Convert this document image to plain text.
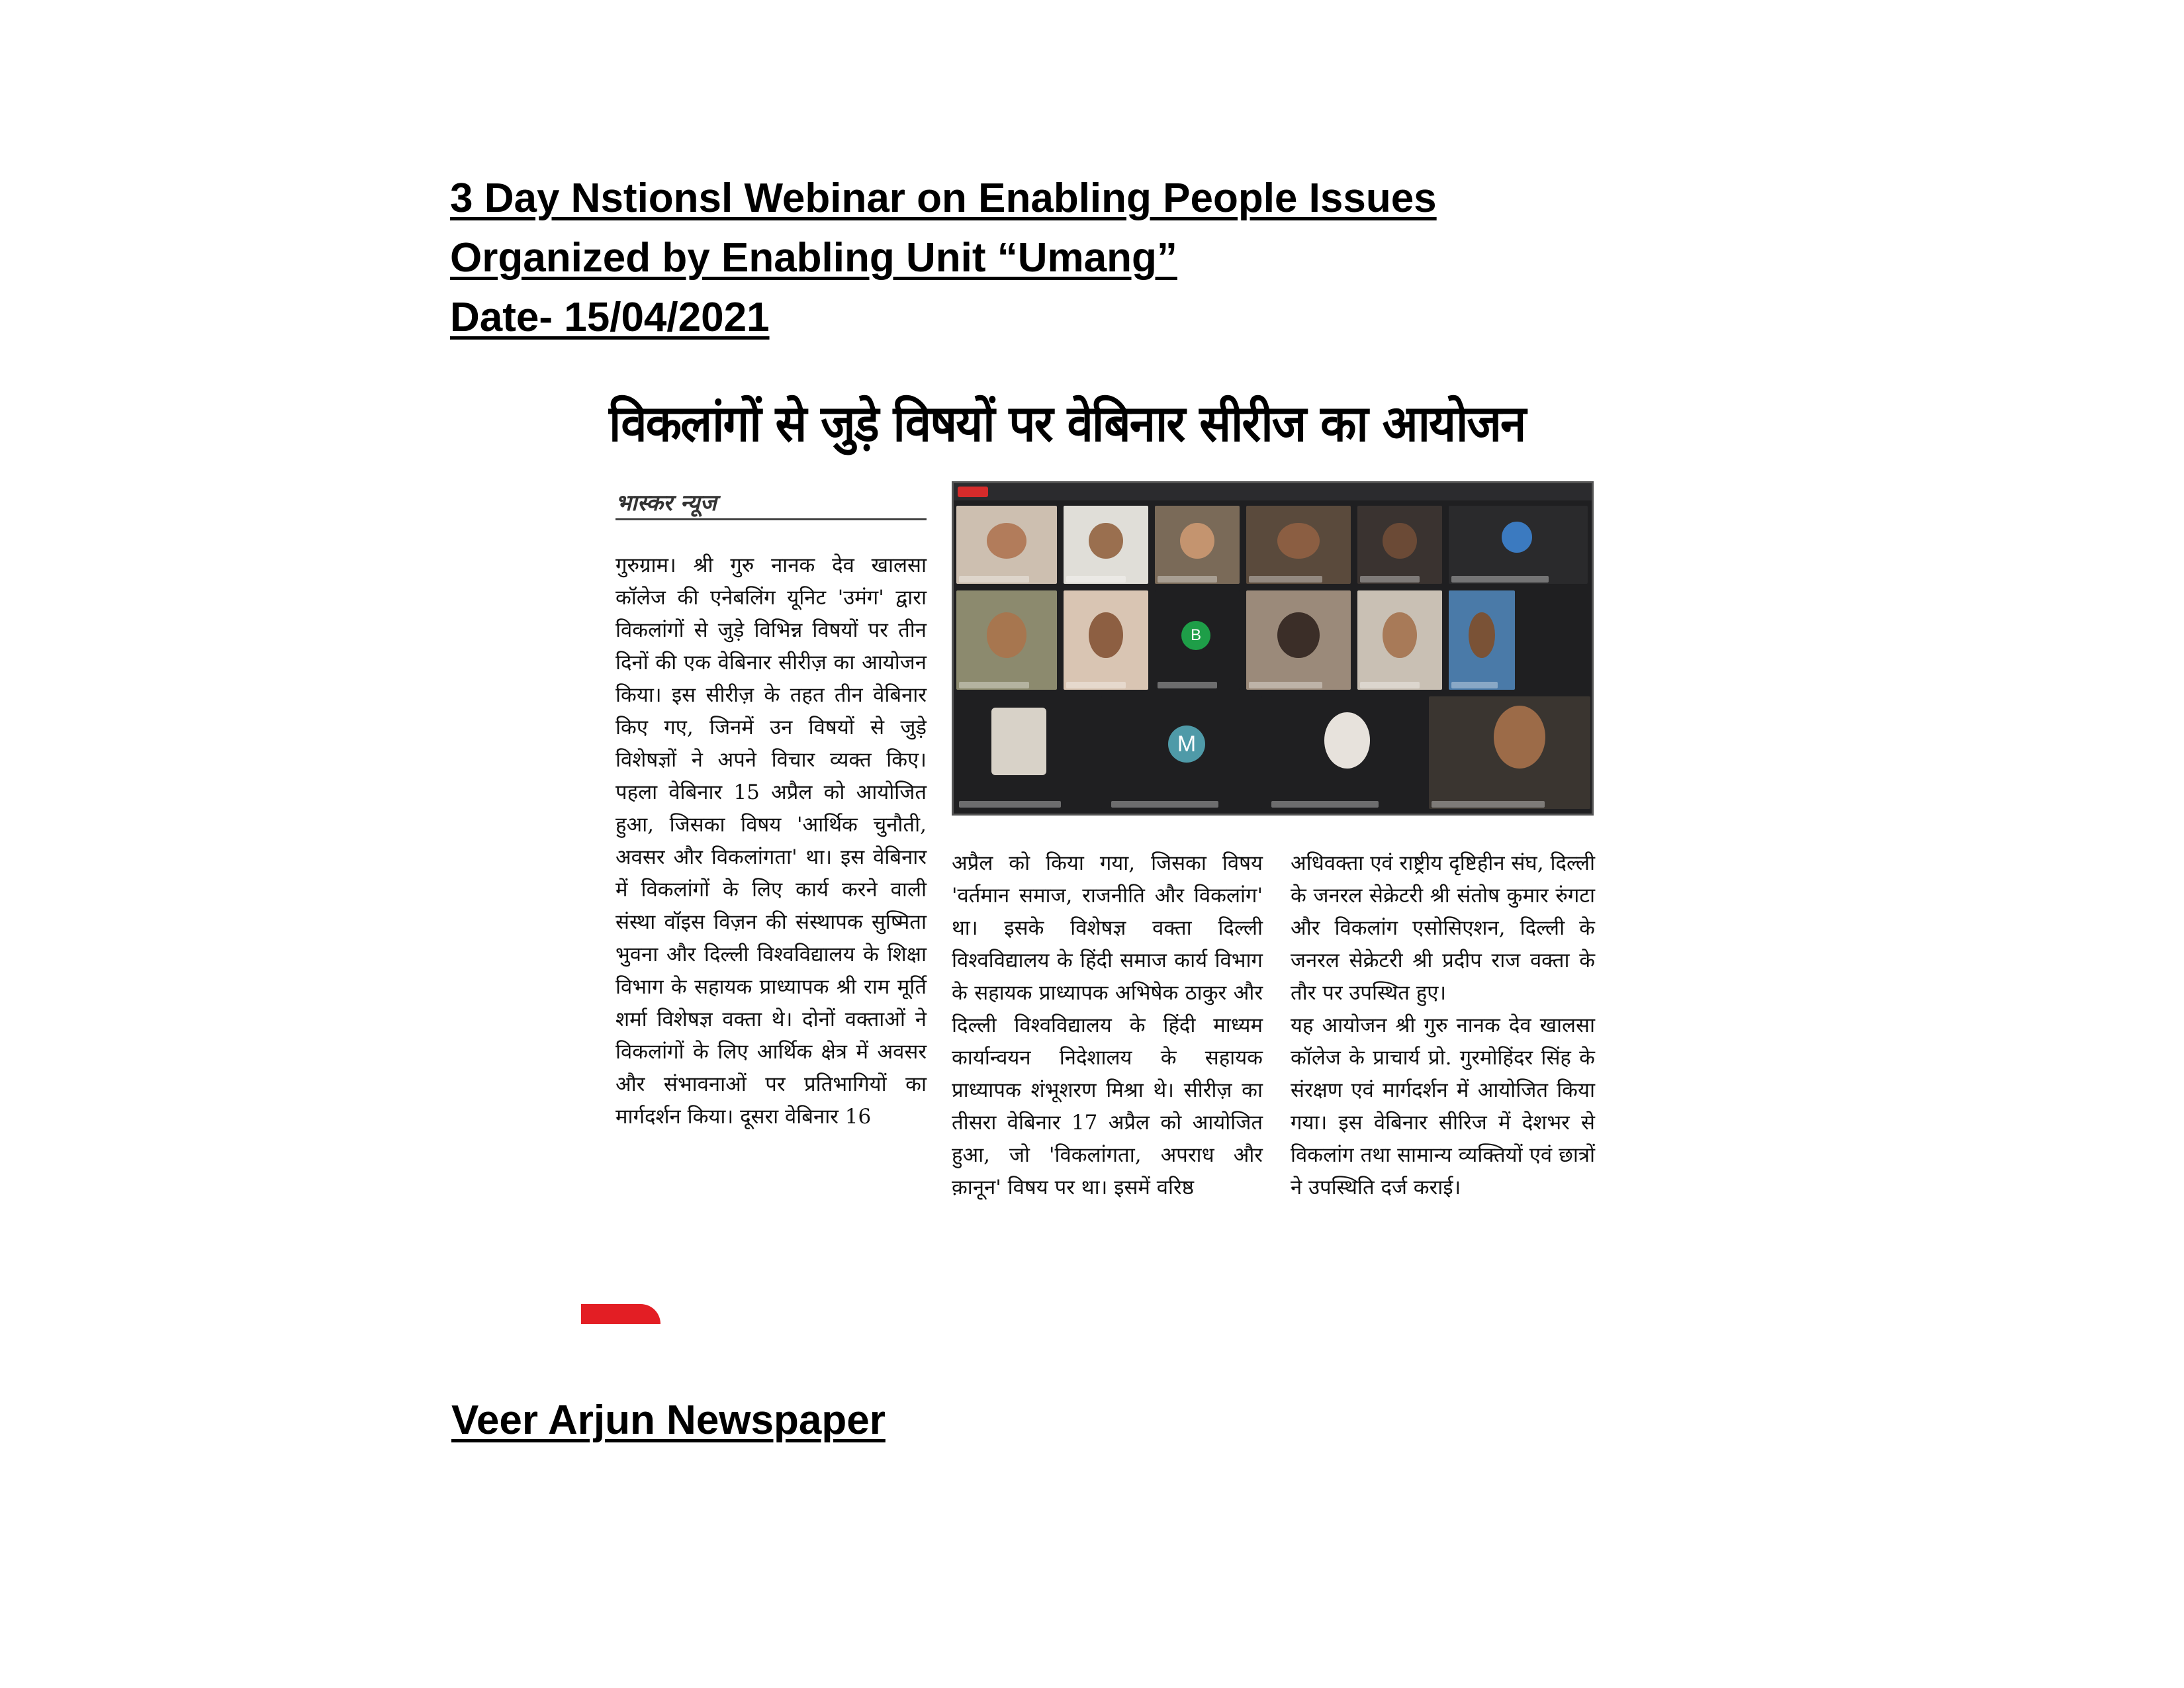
3 Day Nstionsl Webinar on Enabling People Issues
Organized by Enabling Unit “Umang”
Date- 15/04/2021
विकलांगों से जुड़े विषयों पर वेबिनार सीरीज का आयोजन
भास्कर न्यूज
गुरुग्राम। श्री गुरु नानक देव खालसा कॉलेज की एनेबलिंग यूनिट 'उमंग' द्वारा विकलांगों से जुड़े विभिन्न विषयों पर तीन दिनों की एक वेबिनार सीरीज़ का आयोजन किया। इस सीरीज़ के तहत तीन वेबिनार किए गए, जिनमें उन विषयों से जुड़े विशेषज्ञों ने अपने विचार व्यक्त किए। पहला वेबिनार 15 अप्रैल को आयोजित हुआ, जिसका विषय 'आर्थिक चुनौती, अवसर और विकलांगता' था। इस वेबिनार में विकलांगों के लिए कार्य करने वाली संस्था वॉइस विज़न की संस्थापक सुष्मिता भुवना और दिल्ली विश्वविद्यालय के शिक्षा विभाग के सहायक प्राध्यापक श्री राम मूर्ति शर्मा विशेषज्ञ वक्ता थे। दोनों वक्ताओं ने विकलांगों के लिए आर्थिक क्षेत्र में अवसर और संभावनाओं पर प्रतिभागियों का मार्गदर्शन किया। दूसरा वेबिनार 16
B
M
अप्रैल को किया गया, जिसका विषय 'वर्तमान समाज, राजनीति और विकलांग' था। इसके विशेषज्ञ वक्ता दिल्ली विश्वविद्यालय के हिंदी समाज कार्य विभाग के सहायक प्राध्यापक अभिषेक ठाकुर और दिल्ली विश्वविद्यालय के हिंदी माध्यम कार्यान्वयन निदेशालय के सहायक प्राध्यापक शंभूशरण मिश्रा थे। सीरीज़ का तीसरा वेबिनार 17 अप्रैल को आयोजित हुआ, जो 'विकलांगता, अपराध और क़ानून' विषय पर था। इसमें वरिष्ठ
अधिवक्ता एवं राष्ट्रीय दृष्टिहीन संघ, दिल्ली के जनरल सेक्रेटरी श्री संतोष कुमार रुंगटा और विकलांग एसोसिएशन, दिल्ली के जनरल सेक्रेटरी श्री प्रदीप राज वक्ता के तौर पर उपस्थित हुए।
यह आयोजन श्री गुरु नानक देव खालसा कॉलेज के प्राचार्य प्रो. गुरमोहिंदर सिंह के संरक्षण एवं मार्गदर्शन में आयोजित किया गया। इस वेबिनार सीरिज में देशभर से विकलांग तथा सामान्य व्यक्तियों एवं छात्रों ने उपस्थिति दर्ज कराई।
Veer Arjun Newspaper
